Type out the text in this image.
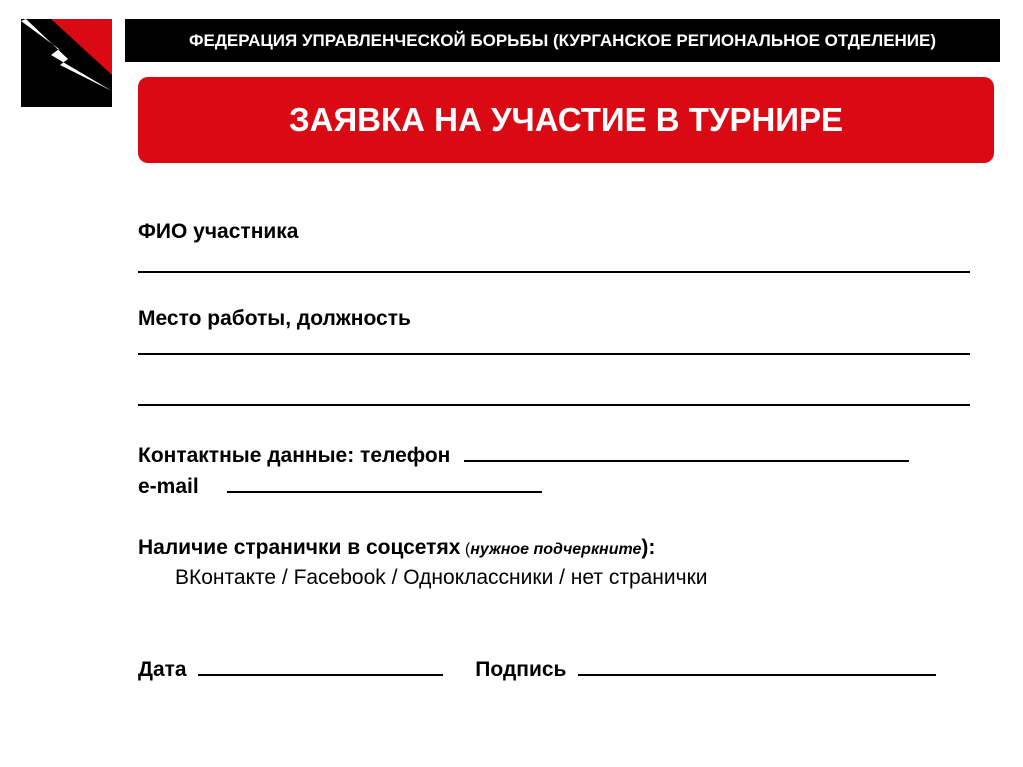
ФЕДЕРАЦИЯ УПРАВЛЕНЧЕСКОЙ БОРЬБЫ (КУРГАНСКОЕ РЕГИОНАЛЬНОЕ ОТДЕЛЕНИЕ)
ЗАЯВКА НА УЧАСТИЕ В ТУРНИРЕ
ФИО участника
Место работы, должность
Контактные данные: телефон
e-mail
Наличие странички в соцсетях (нужное подчеркните):
ВКонтакте / Facebook / Одноклассники / нет странички
Дата	Подпись
